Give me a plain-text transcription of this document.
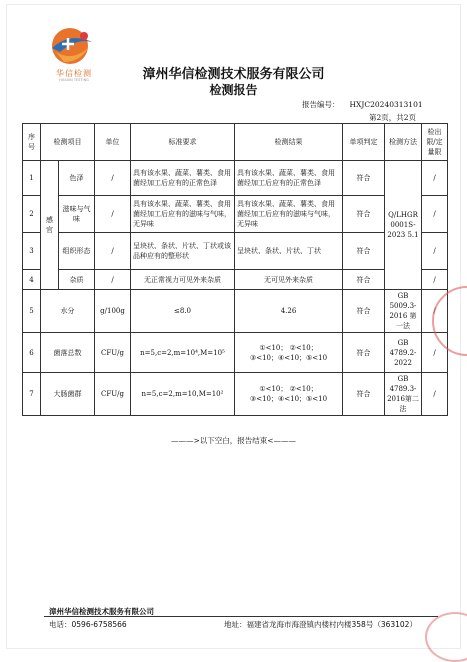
华信检测
HUAXIN TESTING	漳州华信检测技术服务有限公司
检测报告
报告编号： HXJC20240313101
第2页，共2页
序号	检测项目		单位	标准要求	检测结果	单项判定	检测方法	检出限/定量限
1	感官	色泽	/	具有该水果、蔬菜、薯类、食用菌经加工后应有的正常色泽	具有该水果、蔬菜、薯类、食用菌经加工后应有的正常色泽	符合	Q/LHGR 0001S-2023 5.1	/
2		滋味与气味	/	具有该水果、蔬菜、薯类、食用菌经加工后应有的滋味与气味，无异味	具有该水果、蔬菜、薯类、食用菌经加工后应有的滋味与气味，无异味	符合		/
3		组织形态	/	呈块状、条状、片状、丁状或该品种应有的整形状	呈块状、条状、片状、丁状	符合		/
4		杂质	/	无正常视力可见外来杂质	无可见外来杂质	符合		/
5	水分		g/100g	≤8.0	4.26	符合	GB 5009.3-2016 第一法	/
6	菌落总数		CFU/g	n=5,c=2,m=10⁴,M=10⁵	①<10； ②<10；
③<10；④<10；⑤<10	符合	GB 4789.2-2022	/
7	大肠菌群		CFU/g	n=5,c=2,m=10,M=10²	①<10； ②<10；
③<10；④<10；⑤<10	符合	GB 4789.3-2016第二法	/
———>以下空白，报告结束<———
漳州华信检测技术服务有限公司
电话：0596-6758566	地址：福建省龙海市海澄镇内楼村内楼358号（363102）
